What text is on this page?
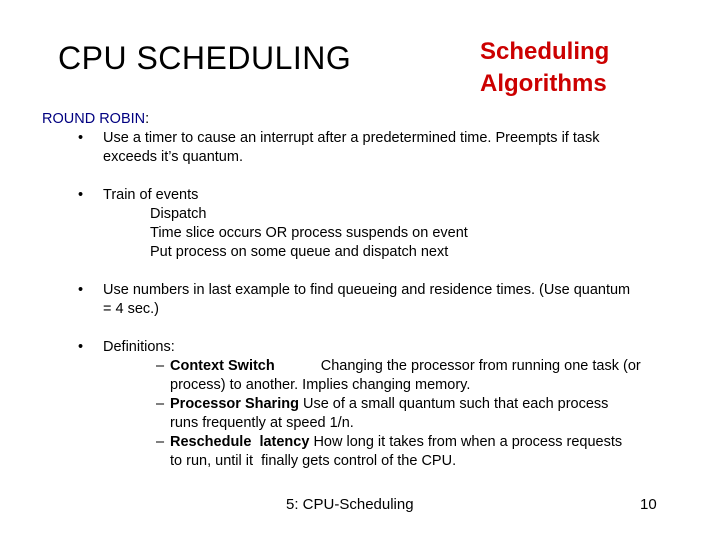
CPU SCHEDULING	Scheduling
Algorithms
ROUND ROBIN:
• Use a timer to cause an interrupt after a predetermined time. Preempts if task
exceeds it’s quantum.
• Train of events
Dispatch
Time slice occurs OR process suspends on event
Put process on some queue and dispatch next
• Use numbers in last example to find queueing and residence times. (Use quantum
= 4 sec.)
• Definitions:
– Context Switch	Changing the processor from running one task (or
process) to another. Implies changing memory.
– Processor Sharing Use of a small quantum such that each process
runs frequently at speed 1/n.
– Reschedule  latency How long it takes from when a process requests
to run, until it  finally gets control of the CPU.
5: CPU-Scheduling	10
